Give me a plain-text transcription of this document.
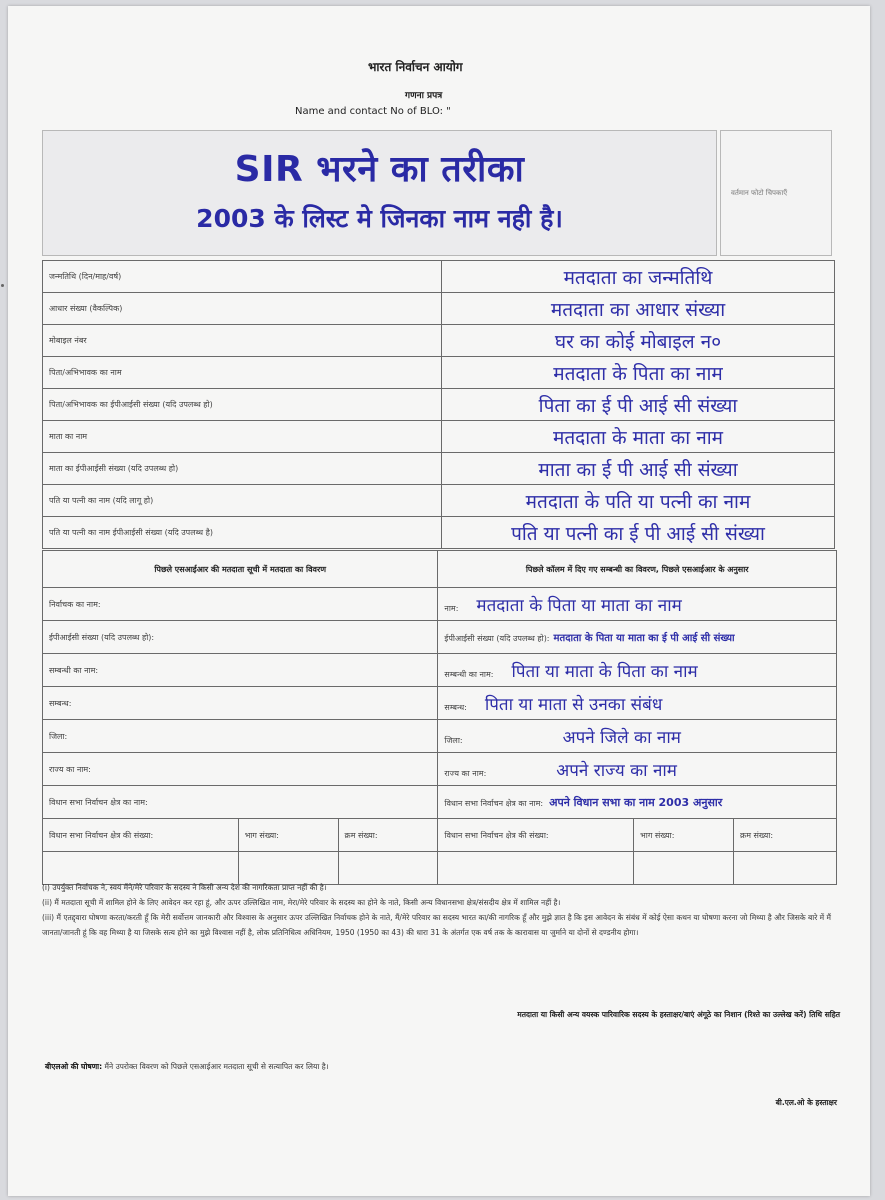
भारत निर्वाचन आयोग
गणना प्रपत्र
Name and contact No of BLO: "
SIR भरने का तरीका
2003 के लिस्ट मे जिनका नाम नही है।
वर्तमान फोटो चिपकाएँ
जन्मतिथि (दिन/माह/वर्ष)	मतदाता का जन्मतिथि
आधार संख्या (वैकल्पिक)	मतदाता का आधार संख्या
मोबाइल नंबर	घर का कोई मोबाइल न०
पिता/अभिभावक का नाम	मतदाता के पिता का नाम
पिता/अभिभावक का ईपीआईसी संख्या (यदि उपलब्ध हो)	पिता का ई पी आई सी संख्या
माता का नाम	मतदाता के माता का नाम
माता का ईपीआईसी संख्या (यदि उपलब्ध हो)	माता का ई पी आई सी संख्या
पति या पत्नी का नाम (यदि लागू हो)	मतदाता के पति या पत्नी का नाम
पति या पत्नी का नाम ईपीआईसी संख्या (यदि उपलब्ध है)	पति या पत्नी का ई पी आई सी संख्या
पिछले एसआईआर की मतदाता सूची में मतदाता का विवरण			पिछले कॉलम में दिए गए सम्बन्धी का विवरण, पिछले एसआईआर के अनुसार		
निर्वाचक का नाम:			नाम: मतदाता के पिता या माता का नाम		
ईपीआईसी संख्या (यदि उपलब्ध हो):			ईपीआईसी संख्या (यदि उपलब्ध हो): मतदाता के पिता या माता का ई पी आई सी संख्या		
सम्बन्धी का नाम:			सम्बन्धी का नाम: पिता या माता के पिता का नाम		
सम्बन्ध:			सम्बन्ध: पिता या माता से उनका संबंध		
जिला:			जिला: अपने जिले का नाम		
राज्य का नाम:			राज्य का नाम: अपने राज्य का नाम		
विधान सभा निर्वाचन क्षेत्र का नाम:			विधान सभा निर्वाचन क्षेत्र का नाम: अपने विधान सभा का नाम 2003 अनुसार		
विधान सभा निर्वाचन क्षेत्र की संख्या:	भाग संख्या:	क्रम संख्या:	विधान सभा निर्वाचन क्षेत्र की संख्या:	भाग संख्या:	क्रम संख्या:

(i) उपर्युक्त निर्वाचक ने, स्वयं मैंने/मेरे परिवार के सदस्य ने किसी अन्य देश की नागरिकता प्राप्त नहीं की है।

(ii) मैं मतदाता सूची में शामिल होने के लिए आवेदन कर रहा हूं, और ऊपर उल्लिखित नाम, मेरा/मेरे परिवार के सदस्य का होने के नाते, किसी अन्य विधानसभा क्षेत्र/संसदीय क्षेत्र में शामिल नहीं है।

(iii) मैं एतद्द्वारा घोषणा करता/करती हूँ कि मेरी सर्वोत्तम जानकारी और विश्वास के अनुसार ऊपर उल्लिखित निर्वाचक होने के नाते, मैं/मेरे परिवार का सदस्य भारत का/की नागरिक हूँ और मुझे ज्ञात है कि इस आवेदन के संबंध में कोई ऐसा कथन या घोषणा करना जो मिथ्या है और जिसके बारे में मैं जानता/जानती हूं कि वह मिथ्या है या जिसके सत्य होने का मुझे विश्वास नहीं है, लोक प्रतिनिधित्व अधिनियम, 1950 (1950 का 43) की धारा 31 के अंतर्गत एक वर्ष तक के कारावास या जुर्माने या दोनों से दण्डनीय होगा।

मतदाता या किसी अन्य वयस्क पारिवारिक सदस्य के हस्ताक्षर/बाएं अंगूठे का निशान (रिश्ते का उल्लेख करें) तिथि सहित
बीएलओ की घोषणा: मैंने उपरोक्त विवरण को पिछले एसआईआर मतदाता सूची से सत्यापित कर लिया है।
बी.एल.ओ के हस्ताक्षर
